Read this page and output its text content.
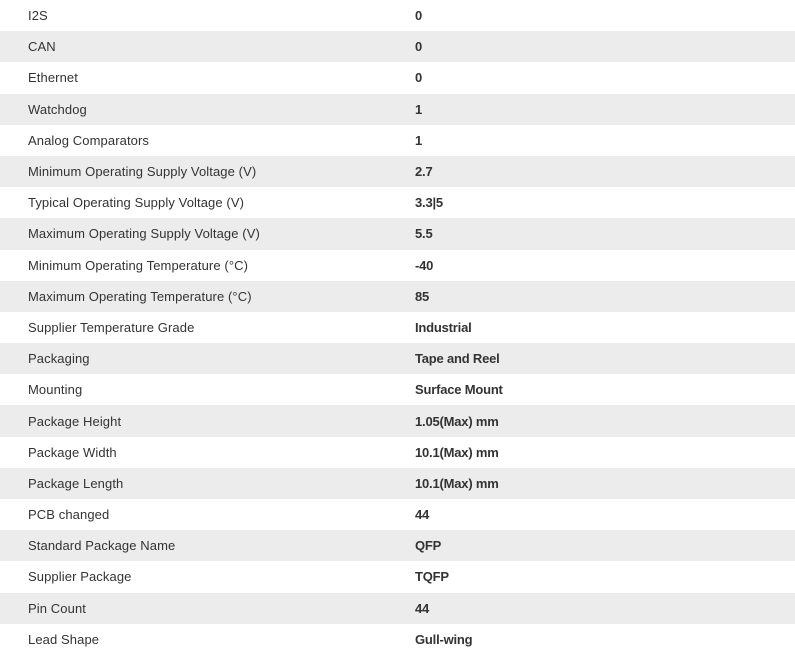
I2S	0
CAN	0
Ethernet	0
Watchdog	1
Analog Comparators	1
Minimum Operating Supply Voltage (V)	2.7
Typical Operating Supply Voltage (V)	3.3|5
Maximum Operating Supply Voltage (V)	5.5
Minimum Operating Temperature (°C)	-40
Maximum Operating Temperature (°C)	85
Supplier Temperature Grade	Industrial
Packaging	Tape and Reel
Mounting	Surface Mount
Package Height	1.05(Max) mm
Package Width	10.1(Max) mm
Package Length	10.1(Max) mm
PCB changed	44
Standard Package Name	QFP
Supplier Package	TQFP
Pin Count	44
Lead Shape	Gull-wing
